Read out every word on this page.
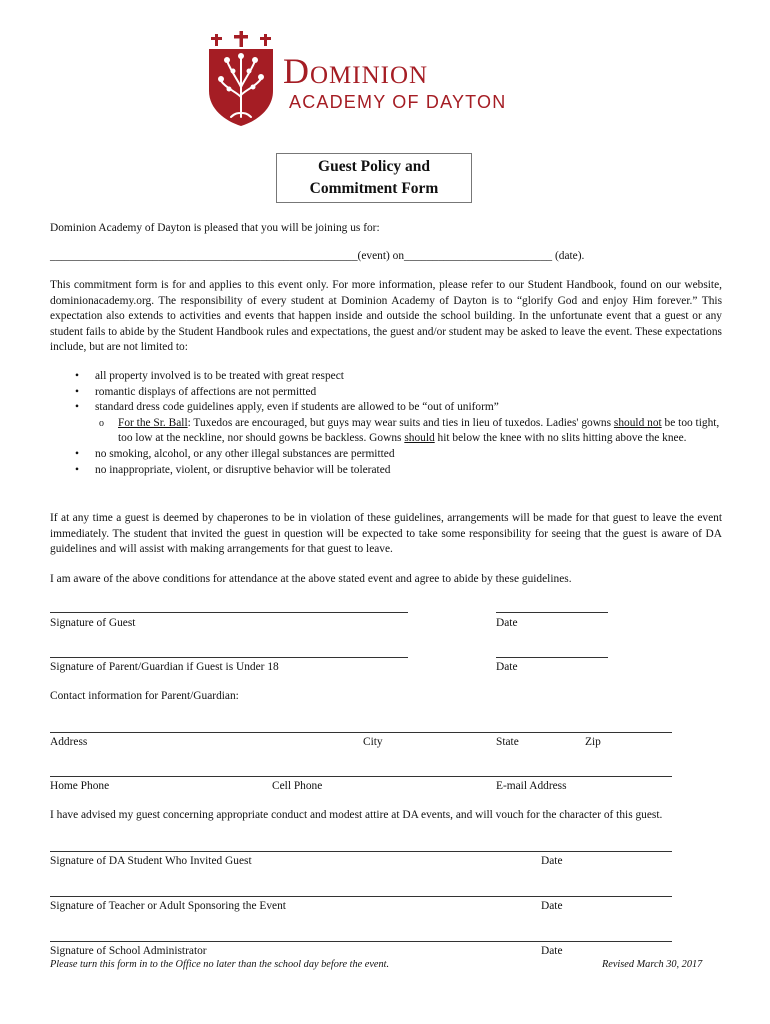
Dominion
ACADEMY OF DAYTON
Guest Policy and
Commitment Form
Dominion Academy of Dayton is pleased that you will be joining us for:
______________________________________________________(event) on__________________________ (date).
This commitment form is for and applies to this event only. For more information, please refer to our Student Handbook, found on our website, dominionacademy.org. The responsibility of every student at Dominion Academy of Dayton is to “glorify God and enjoy Him forever.” This expectation also extends to activities and events that happen inside and outside the school building. In the unfortunate event that a guest or any student fails to abide by the Student Handbook rules and expectations, the guest and/or student may be asked to leave the event. These expectations include, but are not limited to:
• all property involved is to be treated with great respect
• romantic displays of affections are not permitted
• standard dress code guidelines apply, even if students are allowed to be “out of uniform”
o For the Sr. Ball: Tuxedos are encouraged, but guys may wear suits and ties in lieu of tuxedos. Ladies' gowns should not be too tight, too low at the neckline, nor should gowns be backless. Gowns should hit below the knee with no slits hitting above the knee.
• no smoking, alcohol, or any other illegal substances are permitted
• no inappropriate, violent, or disruptive behavior will be tolerated
If at any time a guest is deemed by chaperones to be in violation of these guidelines, arrangements will be made for that guest to leave the event immediately. The student that invited the guest in question will be expected to take some responsibility for seeing that the guest is aware of DA guidelines and will assist with making arrangements for that guest to leave.
I am aware of the above conditions for attendance at the above stated event and agree to abide by these guidelines.
Signature of Guest	Date
Signature of Parent/Guardian if Guest is Under 18	Date
Contact information for Parent/Guardian:
Address	City	State	Zip
Home Phone	Cell Phone	E-mail Address
I have advised my guest concerning appropriate conduct and modest attire at DA events, and will vouch for the character of this guest.
Signature of DA Student Who Invited Guest	Date
Signature of Teacher or Adult Sponsoring the Event	Date
Signature of School Administrator	Date
Please turn this form in to the Office no later than the school day before the event.	Revised March 30, 2017
